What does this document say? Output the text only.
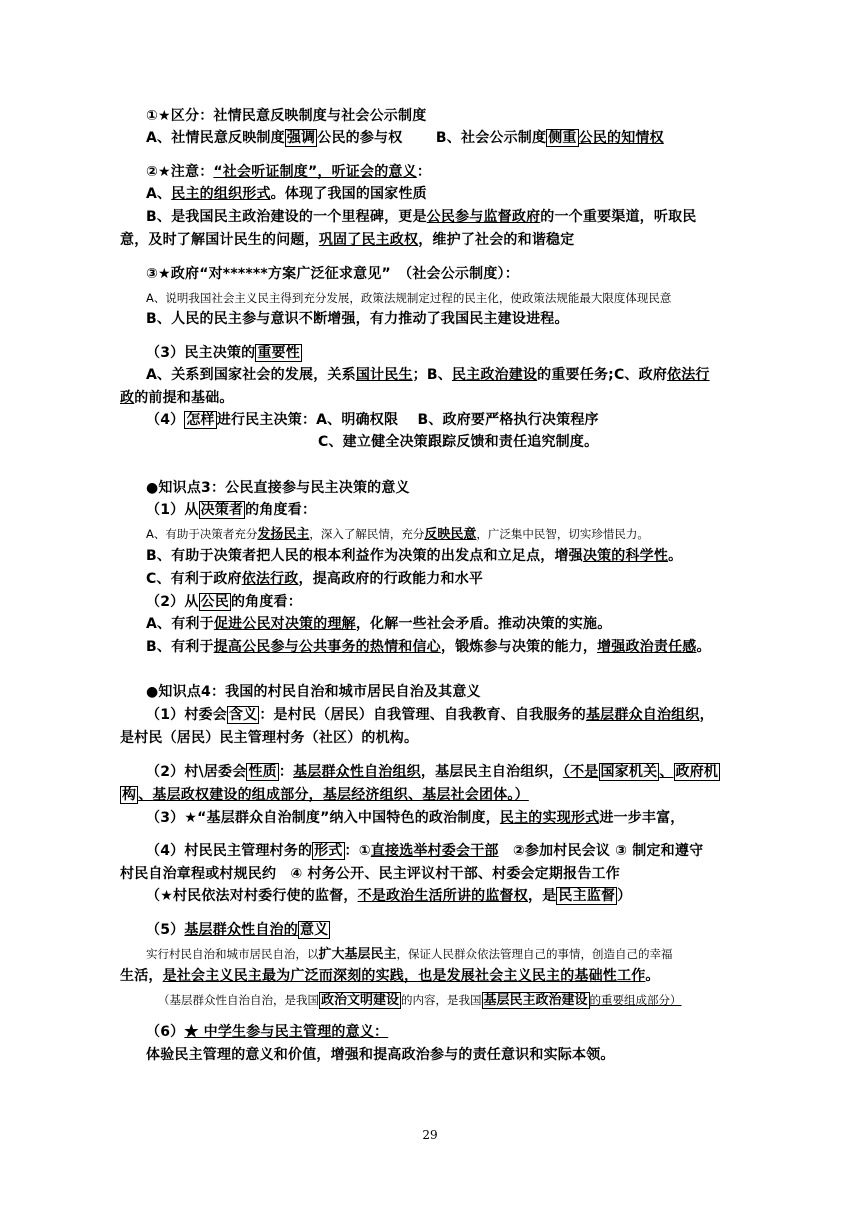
①★区分：社情民意反映制度与社会公示制度
A、社情民意反映制度 强调 公民的参与权　　 B、社会公示制度 侧重 公民的知情权
②★注意：“社会听证制度”，听证会的意义：
A、民主的组织形式。体现了我国的国家性质
B、是我国民主政治建设的一个里程碑，更是公民参与监督政府的一个重要渠道，听取民
意，及时了解国计民生的问题，巩固了民主政权，维护了社会的和谐稳定
③★政府“对******方案广泛征求意见”　（社会公示制度）：
A、说明我国社会主义民主得到充分发展，政策法规制定过程的民主化，使政策法规能最大限度体现民意
B、人民的民主参与意识不断增强，有力推动了我国民主建设进程。
（3）民主决策的 重要性
A、关系到国家社会的发展，关系国计民生；B、民主政治建设的重要任务;C、政府依法行
政的前提和基础。
（4） 怎样 进行民主决策：A、明确权限　 B、政府要严格执行决策程序
C、建立健全决策跟踪反馈和责任追究制度。
●知识点3：公民直接参与民主决策的意义
（1）从 决策者 的角度看：
A、有助于决策者充分发扬民主，深入了解民情，充分反映民意，广泛集中民智，切实珍惜民力。
B、有助于决策者把人民的根本利益作为决策的出发点和立足点，增强决策的科学性。
C、有利于政府依法行政，提高政府的行政能力和水平
（2）从 公民 的角度看：
A、有利于促进公民对决策的理解，化解一些社会矛盾。推动决策的实施。
B、有利于提高公民参与公共事务的热情和信心，锻炼参与决策的能力，增强政治责任感。
●知识点4：我国的村民自治和城市居民自治及其意义
（1）村委会 含义 ：是村民（居民）自我管理、自我教育、自我服务的基层群众自治组织，
是村民（居民）民主管理村务（社区）的机构。
（2）村\居委会 性质 ：基层群众性自治组织，基层民主自治组织，（不是 国家机关 、 政府机
构 、基层政权建设的组成部分，基层经济组织、基层社会团体。）
（3）★“基层群众自治制度”纳入中国特色的政治制度，民主的实现形式进一步丰富，
（4）村民民主管理村务的 形式 ：①直接选举村委会干部　②参加村民会议 ③ 制定和遵守
村民自治章程或村规民约　④ 村务公开、民主评议村干部、村委会定期报告工作
（★村民依法对村委行使的监督，不是政治生活所讲的监督权，是 民主监督 ）
（5）基层群众性自治的 意义
实行村民自治和城市居民自治，以扩大基层民主，保证人民群众依法管理自己的事情，创造自己的幸福
生活，是社会主义民主最为广泛而深刻的实践，也是发展社会主义民主的基础性工作。
（基层群众性自治自治，是我国 政治文明建设 的内容，是我国 基层民主政治建设 的重要组成部分）
（6）★ 中学生参与民主管理的意义：
体验民主管理的意义和价值，增强和提高政治参与的责任意识和实际本领。
29
